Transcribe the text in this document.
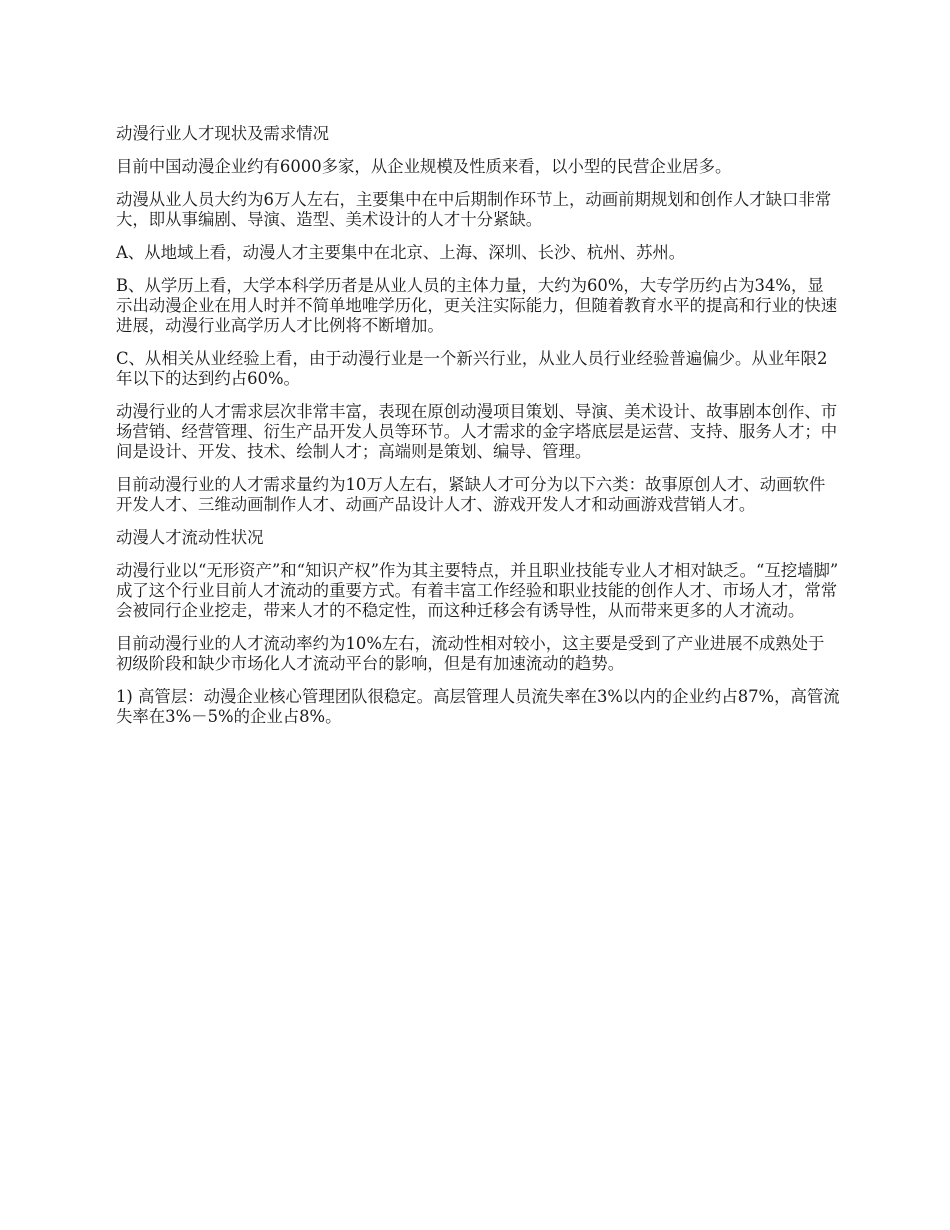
动漫行业人才现状及需求情况

目前中国动漫企业约有6000多家，从企业规模及性质来看，以小型的民营企业居多。

动漫从业人员大约为6万人左右，主要集中在中后期制作环节上，动画前期规划和创作人才缺口非常大，即从事编剧、导演、造型、美术设计的人才十分紧缺。

A、从地域上看，动漫人才主要集中在北京、上海、深圳、长沙、杭州、苏州。

B、从学历上看，大学本科学历者是从业人员的主体力量，大约为60%，大专学历约占为34%，显示出动漫企业在用人时并不简单地唯学历化，更关注实际能力，但随着教育水平的提高和行业的快速进展，动漫行业高学历人才比例将不断增加。

C、从相关从业经验上看，由于动漫行业是一个新兴行业，从业人员行业经验普遍偏少。从业年限2年以下的达到约占60%。

动漫行业的人才需求层次非常丰富，表现在原创动漫项目策划、导演、美术设计、故事剧本创作、市场营销、经营管理、衍生产品开发人员等环节。人才需求的金字塔底层是运营、支持、服务人才；中间是设计、开发、技术、绘制人才；高端则是策划、编导、管理。

目前动漫行业的人才需求量约为10万人左右，紧缺人才可分为以下六类：故事原创人才、动画软件开发人才、三维动画制作人才、动画产品设计人才、游戏开发人才和动画游戏营销人才。

动漫人才流动性状况

动漫行业以“无形资产”和“知识产权”作为其主要特点，并且职业技能专业人才相对缺乏。“互挖墙脚”成了这个行业目前人才流动的重要方式。有着丰富工作经验和职业技能的创作人才、市场人才，常常会被同行企业挖走，带来人才的不稳定性，而这种迁移会有诱导性，从而带来更多的人才流动。

目前动漫行业的人才流动率约为10%左右，流动性相对较小，这主要是受到了产业进展不成熟处于初级阶段和缺少市场化人才流动平台的影响，但是有加速流动的趋势。

1) 高管层：动漫企业核心管理团队很稳定。高层管理人员流失率在3%以内的企业约占87%，高管流失率在3%－5%的企业占8%。
